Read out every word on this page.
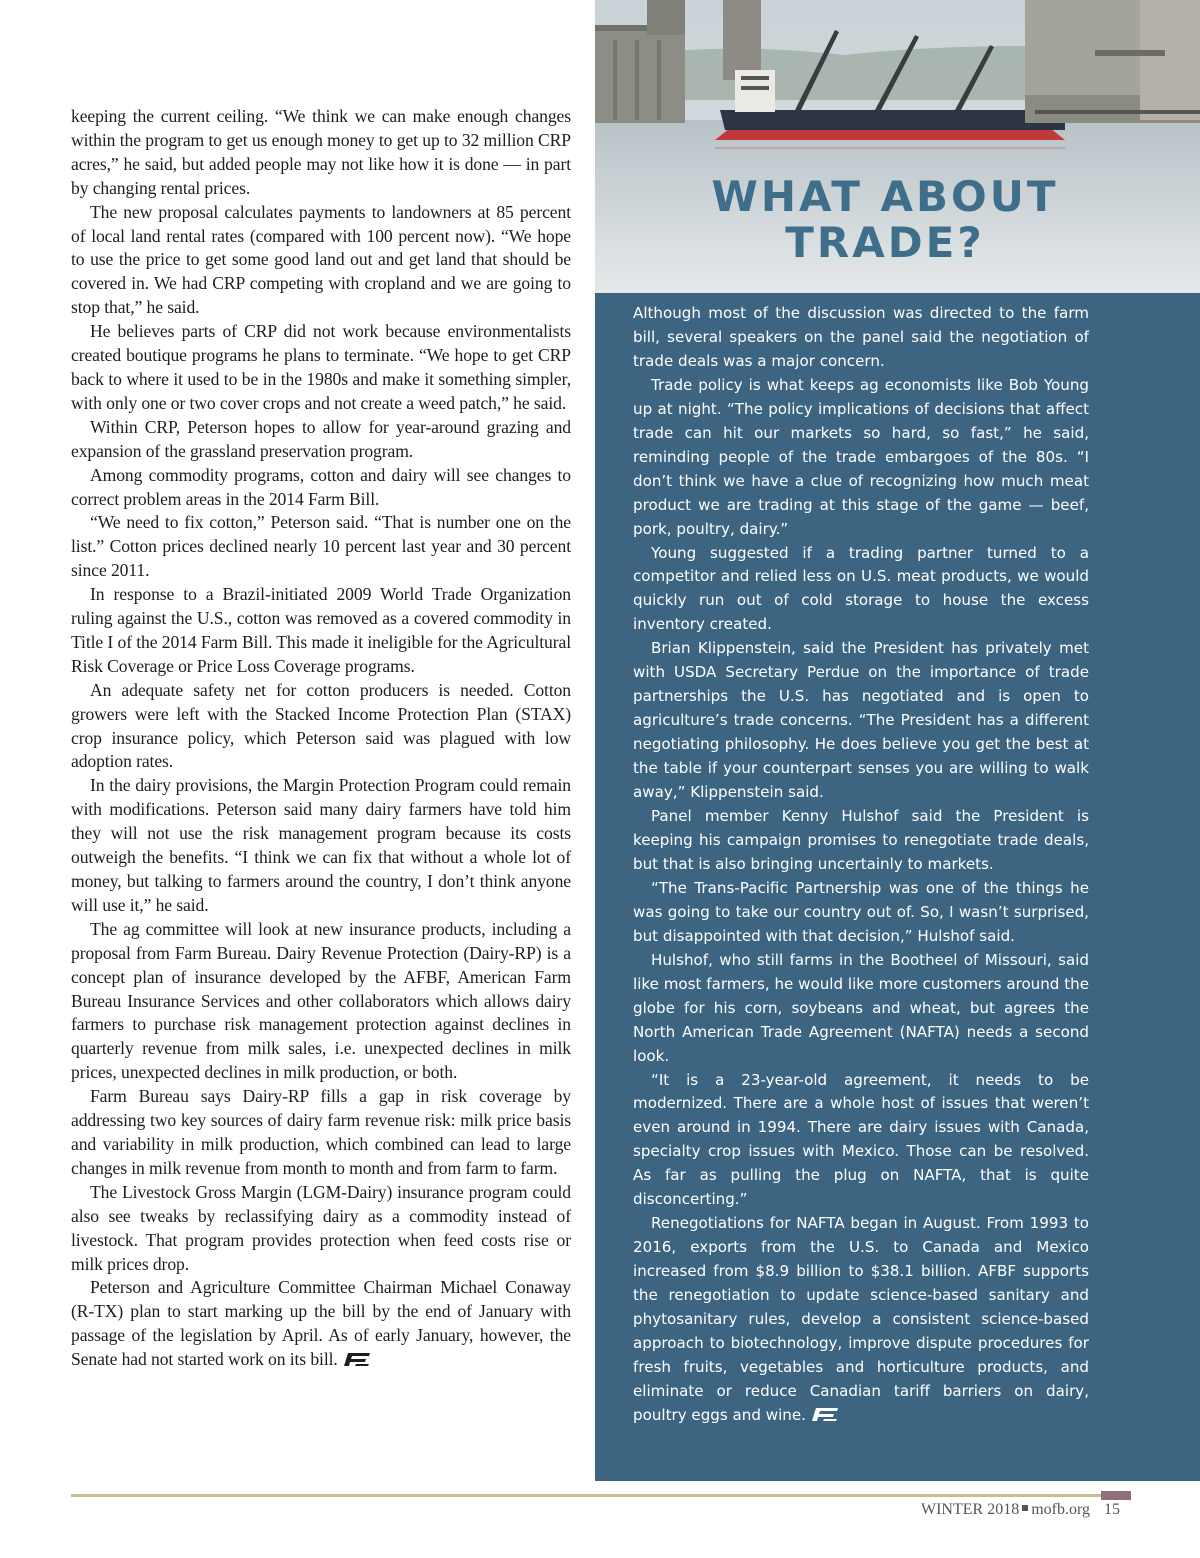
keeping the current ceiling. “We think we can make enough changes within the program to get us enough money to get up to 32 million CRP acres,” he said, but added people may not like how it is done — in part by changing rental prices.

The new proposal calculates payments to landowners at 85 percent of local land rental rates (compared with 100 percent now). “We hope to use the price to get some good land out and get land that should be covered in. We had CRP competing with cropland and we are going to stop that,” he said.

He believes parts of CRP did not work because environmentalists created boutique programs he plans to terminate. “We hope to get CRP back to where it used to be in the 1980s and make it something simpler, with only one or two cover crops and not create a weed patch,” he said.

Within CRP, Peterson hopes to allow for year-around grazing and expansion of the grassland preservation program.

Among commodity programs, cotton and dairy will see changes to correct problem areas in the 2014 Farm Bill.

“We need to fix cotton,” Peterson said. “That is number one on the list.” Cotton prices declined nearly 10 percent last year and 30 percent since 2011.

In response to a Brazil-initiated 2009 World Trade Organization ruling against the U.S., cotton was removed as a covered commodity in Title I of the 2014 Farm Bill. This made it ineligible for the Agricultural Risk Coverage or Price Loss Coverage programs.

An adequate safety net for cotton producers is needed. Cotton growers were left with the Stacked Income Protection Plan (STAX) crop insurance policy, which Peterson said was plagued with low adoption rates.

In the dairy provisions, the Margin Protection Program could remain with modifications. Peterson said many dairy farmers have told him they will not use the risk management program because its costs outweigh the benefits. “I think we can fix that without a whole lot of money, but talking to farmers around the country, I don’t think anyone will use it,” he said.

The ag committee will look at new insurance products, including a proposal from Farm Bureau. Dairy Revenue Protection (Dairy-RP) is a concept plan of insurance developed by the AFBF, American Farm Bureau Insurance Services and other collaborators which allows dairy farmers to purchase risk management protection against declines in quarterly revenue from milk sales, i.e. unexpected declines in milk prices, unexpected declines in milk production, or both.

Farm Bureau says Dairy-RP fills a gap in risk coverage by addressing two key sources of dairy farm revenue risk: milk price basis and variability in milk production, which combined can lead to large changes in milk revenue from month to month and from farm to farm.

The Livestock Gross Margin (LGM-Dairy) insurance program could also see tweaks by reclassifying dairy as a commodity instead of livestock. That program provides protection when feed costs rise or milk prices drop.

Peterson and Agriculture Committee Chairman Michael Conaway (R-TX) plan to start marking up the bill by the end of January with passage of the legislation by April. As of early January, however, the Senate had not started work on its bill.

WHAT ABOUT
TRADE?

Although most of the discussion was directed to the farm bill, several speakers on the panel said the negotiation of trade deals was a major concern.

Trade policy is what keeps ag economists like Bob Young up at night. “The policy implications of decisions that affect trade can hit our markets so hard, so fast,” he said, reminding people of the trade embargoes of the 80s. “I don’t think we have a clue of recognizing how much meat product we are trading at this stage of the game — beef, pork, poultry, dairy.”

Young suggested if a trading partner turned to a competitor and relied less on U.S. meat products, we would quickly run out of cold storage to house the excess inventory created.

Brian Klippenstein, said the President has privately met with USDA Secretary Perdue on the importance of trade partnerships the U.S. has negotiated and is open to agriculture’s trade concerns. “The President has a different negotiating philosophy. He does believe you get the best at the table if your counterpart senses you are willing to walk away,” Klippenstein said.

Panel member Kenny Hulshof said the President is keeping his campaign promises to renegotiate trade deals, but that is also bringing uncertainly to markets.

“The Trans-Pacific Partnership was one of the things he was going to take our country out of. So, I wasn’t surprised, but disappointed with that decision,” Hulshof said.

Hulshof, who still farms in the Bootheel of Missouri, said like most farmers, he would like more customers around the globe for his corn, soybeans and wheat, but agrees the North American Trade Agreement (NAFTA) needs a second look.

“It is a 23-year-old agreement, it needs to be modernized. There are a whole host of issues that weren’t even around in 1994. There are dairy issues with Canada, specialty crop issues with Mexico. Those can be resolved. As far as pulling the plug on NAFTA, that is quite disconcerting.”

Renegotiations for NAFTA began in August. From 1993 to 2016, exports from the U.S. to Canada and Mexico increased from $8.9 billion to $38.1 billion. AFBF supports the renegotiation to update science-based sanitary and phytosanitary rules, develop a consistent science-based approach to biotechnology, improve dispute procedures for fresh fruits, vegetables and horticulture products, and eliminate or reduce Canadian tariff barriers on dairy, poultry eggs and wine.

WINTER 2018 mofb.org 15
